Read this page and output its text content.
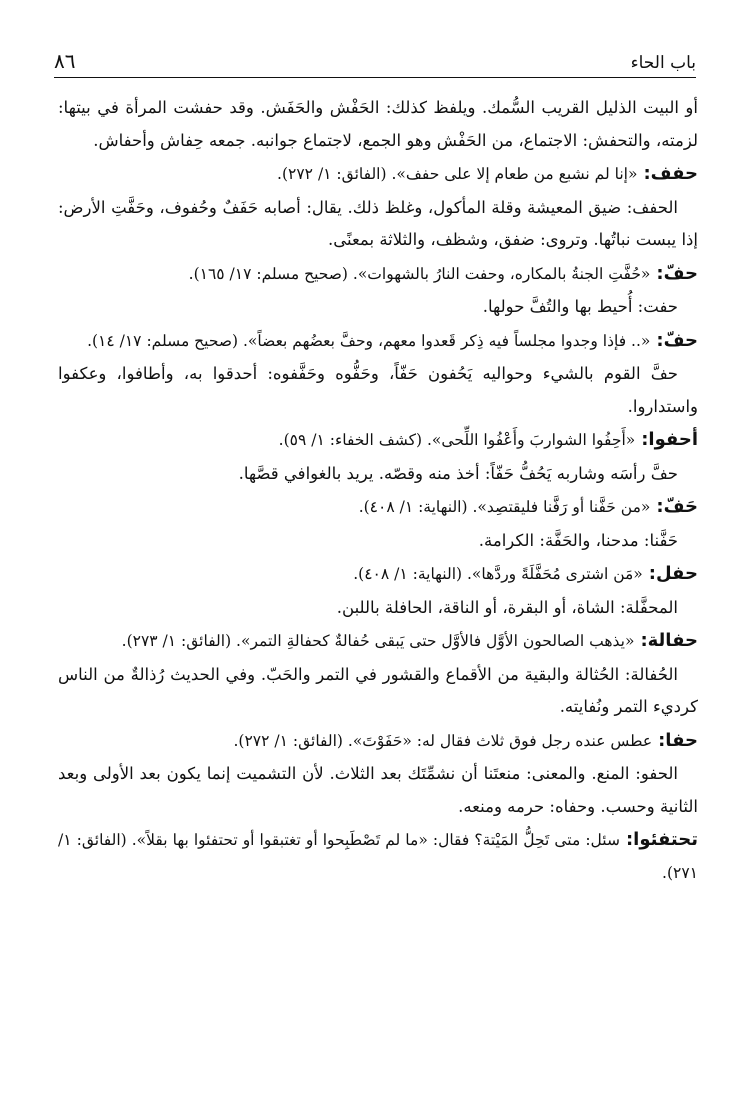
باب الحاء
٨٦

أو البيت الذليل القريب السُّمك. ويلفظ كذلك: الحَفْش والحَفَش. وقد حفشت المرأة في بيتها: لزمته، والتحفش: الاجتماع، من الحَفْش وهو الجمع، لاجتماع جوانبه. جمعه حِفاش وأحفاش.

حفف:«إنا لم نشبع من طعام إلا على حفف». (الفائق: ١/ ٢٧٢).

الحفف: ضيق المعيشة وقلة المأكول، وغلظ ذلك. يقال: أصابه حَفَفٌ وحُفوف، وحَفَّتِ الأرض: إذا يبست نباتُها. وتروى: ضفق، وشظف، والثلاثة بمعنًى.

حفّ:«حُفَّتِ الجنةُ بالمكاره، وحفت النارُ بالشهوات». (صحيح مسلم: ١٧/ ١٦٥).

حفت: أُحيط بها والتُفَّ حولها.

حفّ:«.. فإذا وجدوا مجلساً فيه ذِكر قَعدوا معهم، وحفَّ بعضُهم بعضاً». (صحيح مسلم: ١٧/ ١٤).

حفَّ القوم بالشيء وحواليه يَحُفون حَفّاً، وحَفُّوه وحَفَّفوه: أحدقوا به، وأطافوا، وعكفوا واستداروا.

أحفوا:«أَحِفُوا الشواربَ وأَعْفُوا اللِّحى». (كشف الخفاء: ١/ ٥٩).

حفَّ رأسَه وشاربه يَحُفُّ حَفّاً: أخذ منه وقصّه. يريد بالغوافي قصَّها.

حَفّ:«من حَفَّنا أو رَفَّنا فليقتصِد». (النهاية: ١/ ٤٠٨).

حَفَّنا: مدحنا، والحَفَّة: الكرامة.

حفل:«مَن اشترى مُحَفَّلَةً وردَّها». (النهاية: ١/ ٤٠٨).

المحفَّلة: الشاة، أو البقرة، أو الناقة، الحافلة باللبن.

حفالة:«يذهب الصالحون الأوَّل فالأوَّل حتى يَبقى حُفالةٌ كحفالةِ التمر». (الفائق: ١/ ٢٧٣).

الحُفالة: الحُثالة والبقية من الأقماع والقشور في التمر والحَبّ. وفي الحديث رُذالةٌ من الناس كرديء التمر ونُفايته.

حفا:عطس عنده رجل فوق ثلاث فقال له: «حَفَوْتَ». (الفائق: ١/ ٢٧٢).

الحفو: المنع. والمعنى: منعتَنا أن نشمِّتَك بعد الثلاث. لأن التشميت إنما يكون بعد الأولى وبعد الثانية وحسب. وحفاه: حرمه ومنعه.

تحتفئوا:سئل: متى تَحِلُّ المَيْتة؟ فقال: «ما لم تَصْطَبِحوا أو تغتبقوا أو تحتفئوا بها بقلاً». (الفائق: ١/ ٢٧١).
